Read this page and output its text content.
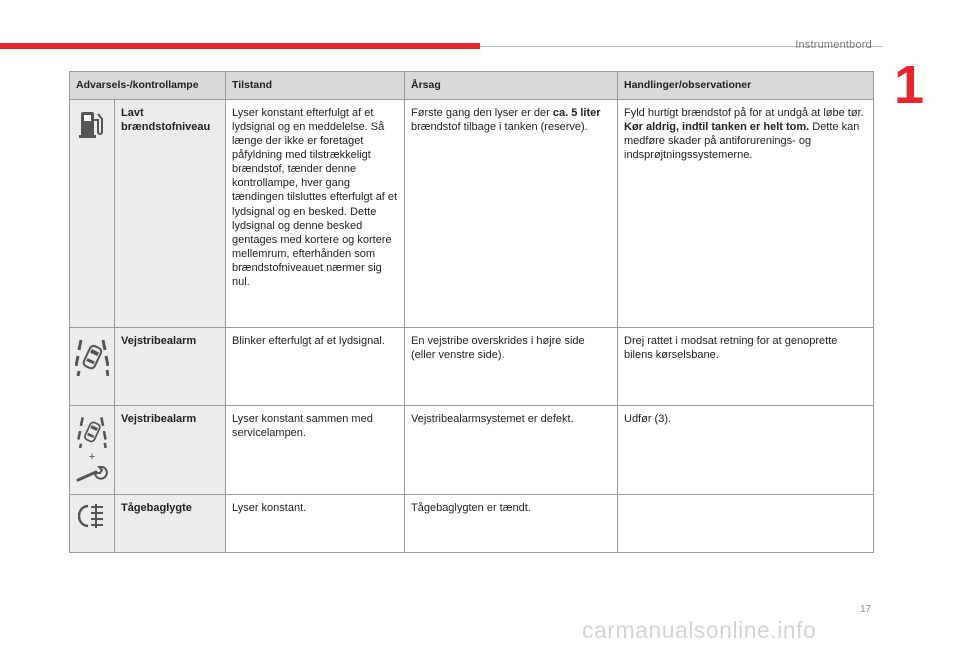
Instrumentbord
1
Advarsels-/kontrollampe		Tilstand	Årsag	Handlinger/observationer

	Lavt brændstofniveau	Lyser konstant efterfulgt af et lydsignal og en meddelelse. Så længe der ikke er foretaget påfyldning med tilstrækkeligt brændstof, tænder denne kontrollampe, hver gang tændingen tilsluttes efterfulgt af et lydsignal og en besked. Dette lydsignal og denne besked gentages med kortere og kortere mellemrum, efterhånden som brændstofniveauet nærmer sig nul.	Første gang den lyser er der ca. 5 liter brændstof tilbage i tanken (reserve).	Fyld hurtigt brændstof på for at undgå at løbe tør.
Kør aldrig, indtil tanken er helt tom. Dette kan medføre skader på antiforurenings- og indsprøjtningssystemerne.

	Vejstribealarm	Blinker efterfulgt af et lydsignal.	En vejstribe overskrides i højre side (eller venstre side).	Drej rattet i modsat retning for at genoprette bilens kørselsbane.

+	Vejstribealarm	Lyser konstant sammen med servicelampen.	Vejstribealarmsystemet er defekt.	Udfør (3).

	Tågebaglygte	Lyser konstant.	Tågebaglygten er tændt.	
17
carmanualsonline.info
